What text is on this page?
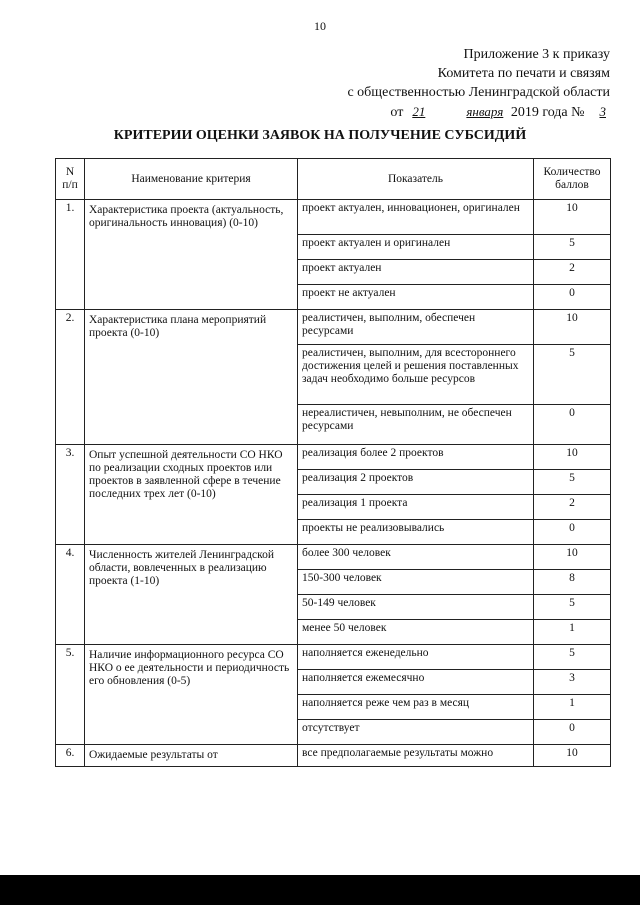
10
Приложение 3 к приказу
Комитета по печати и связям
с общественностью Ленинградской области
от 21	января 2019 года № 3
КРИТЕРИИ ОЦЕНКИ ЗАЯВОК НА ПОЛУЧЕНИЕ СУБСИДИЙ
N п/п	Наименование критерия	Показатель	Количество баллов
1.	Характеристика проекта (актуальность, оригинальность инновация) (0-10)	проект актуален, инновационен, оригинален	10
		проект актуален и оригинален	5
		проект актуален	2
		проект не актуален	0
2.	Характеристика плана мероприятий проекта (0-10)	реалистичен, выполним, обеспечен ресурсами	10
		реалистичен, выполним, для всестороннего достижения целей и решения поставленных задач необходимо больше ресурсов	5
		нереалистичен, невыполним, не обеспечен ресурсами	0
3.	Опыт успешной деятельности СО НКО по реализации сходных проектов или проектов в заявленной сфере в течение последних трех лет (0-10)	реализация более 2 проектов	10
		реализация 2 проектов	5
		реализация 1 проекта	2
		проекты не реализовывались	0
4.	Численность жителей Ленинградской области, вовлеченных в реализацию проекта (1-10)	более 300 человек	10
		150-300 человек	8
		50-149 человек	5
		менее 50 человек	1
5.	Наличие информационного ресурса СО НКО о ее деятельности и периодичность его обновления (0-5)	наполняется еженедельно	5
		наполняется ежемесячно	3
		наполняется реже чем раз в месяц	1
		отсутствует	0
6.	Ожидаемые результаты от	все предполагаемые результаты можно	10
